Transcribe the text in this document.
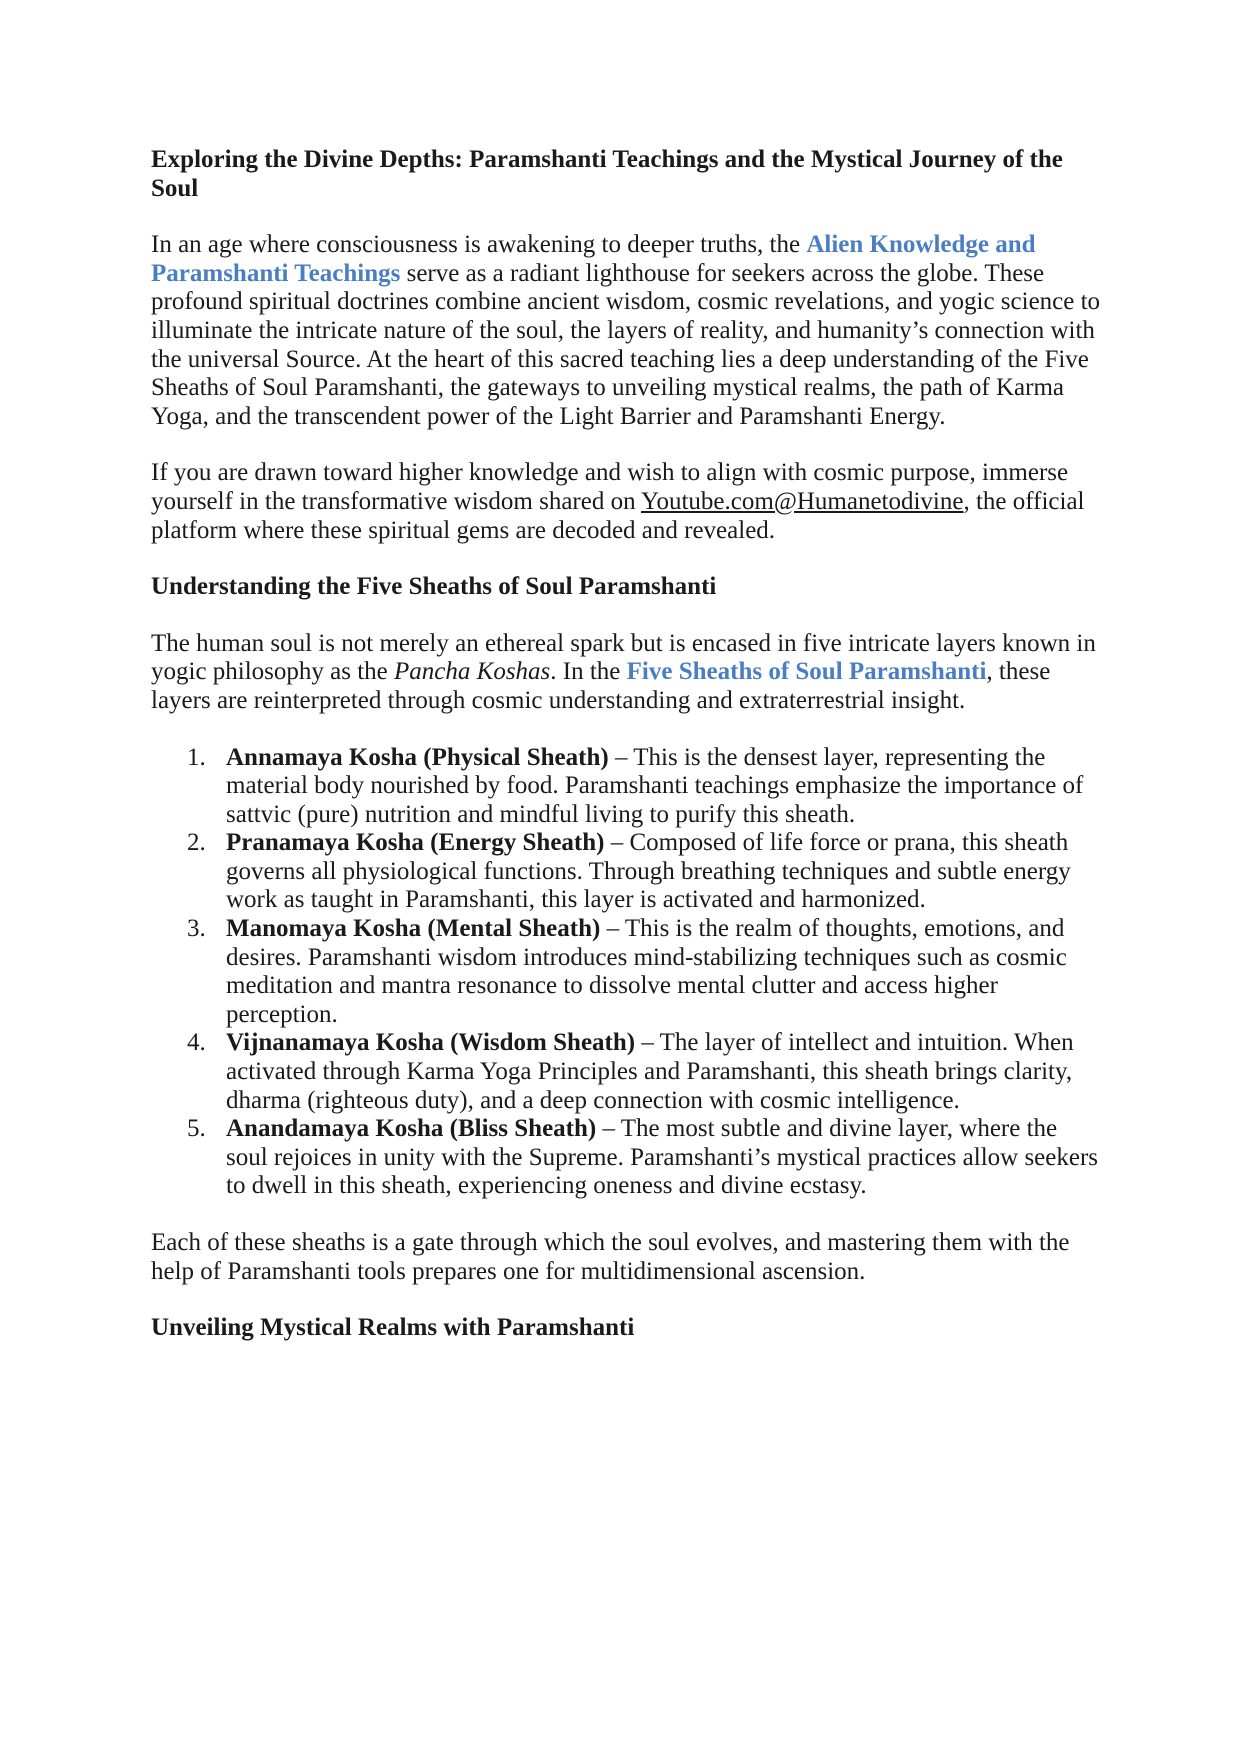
Exploring the Divine Depths: Paramshanti Teachings and the Mystical Journey of the Soul

In an age where consciousness is awakening to deeper truths, the Alien Knowledge and Paramshanti Teachings serve as a radiant lighthouse for seekers across the globe. These profound spiritual doctrines combine ancient wisdom, cosmic revelations, and yogic science to illuminate the intricate nature of the soul, the layers of reality, and humanity’s connection with the universal Source. At the heart of this sacred teaching lies a deep understanding of the Five Sheaths of Soul Paramshanti, the gateways to unveiling mystical realms, the path of Karma Yoga, and the transcendent power of the Light Barrier and Paramshanti Energy.

If you are drawn toward higher knowledge and wish to align with cosmic purpose, immerse yourself in the transformative wisdom shared on Youtube.com@Humanetodivine, the official platform where these spiritual gems are decoded and revealed.

Understanding the Five Sheaths of Soul Paramshanti

The human soul is not merely an ethereal spark but is encased in five intricate layers known in yogic philosophy as the Pancha Koshas. In the Five Sheaths of Soul Paramshanti, these layers are reinterpreted through cosmic understanding and extraterrestrial insight.

1. Annamaya Kosha (Physical Sheath) – This is the densest layer, representing the material body nourished by food. Paramshanti teachings emphasize the importance of sattvic (pure) nutrition and mindful living to purify this sheath.
2. Pranamaya Kosha (Energy Sheath) – Composed of life force or prana, this sheath governs all physiological functions. Through breathing techniques and subtle energy work as taught in Paramshanti, this layer is activated and harmonized.
3. Manomaya Kosha (Mental Sheath) – This is the realm of thoughts, emotions, and desires. Paramshanti wisdom introduces mind-stabilizing techniques such as cosmic meditation and mantra resonance to dissolve mental clutter and access higher perception.
4. Vijnanamaya Kosha (Wisdom Sheath) – The layer of intellect and intuition. When activated through Karma Yoga Principles and Paramshanti, this sheath brings clarity, dharma (righteous duty), and a deep connection with cosmic intelligence.
5. Anandamaya Kosha (Bliss Sheath) – The most subtle and divine layer, where the soul rejoices in unity with the Supreme. Paramshanti’s mystical practices allow seekers to dwell in this sheath, experiencing oneness and divine ecstasy.

Each of these sheaths is a gate through which the soul evolves, and mastering them with the help of Paramshanti tools prepares one for multidimensional ascension.

Unveiling Mystical Realms with Paramshanti
